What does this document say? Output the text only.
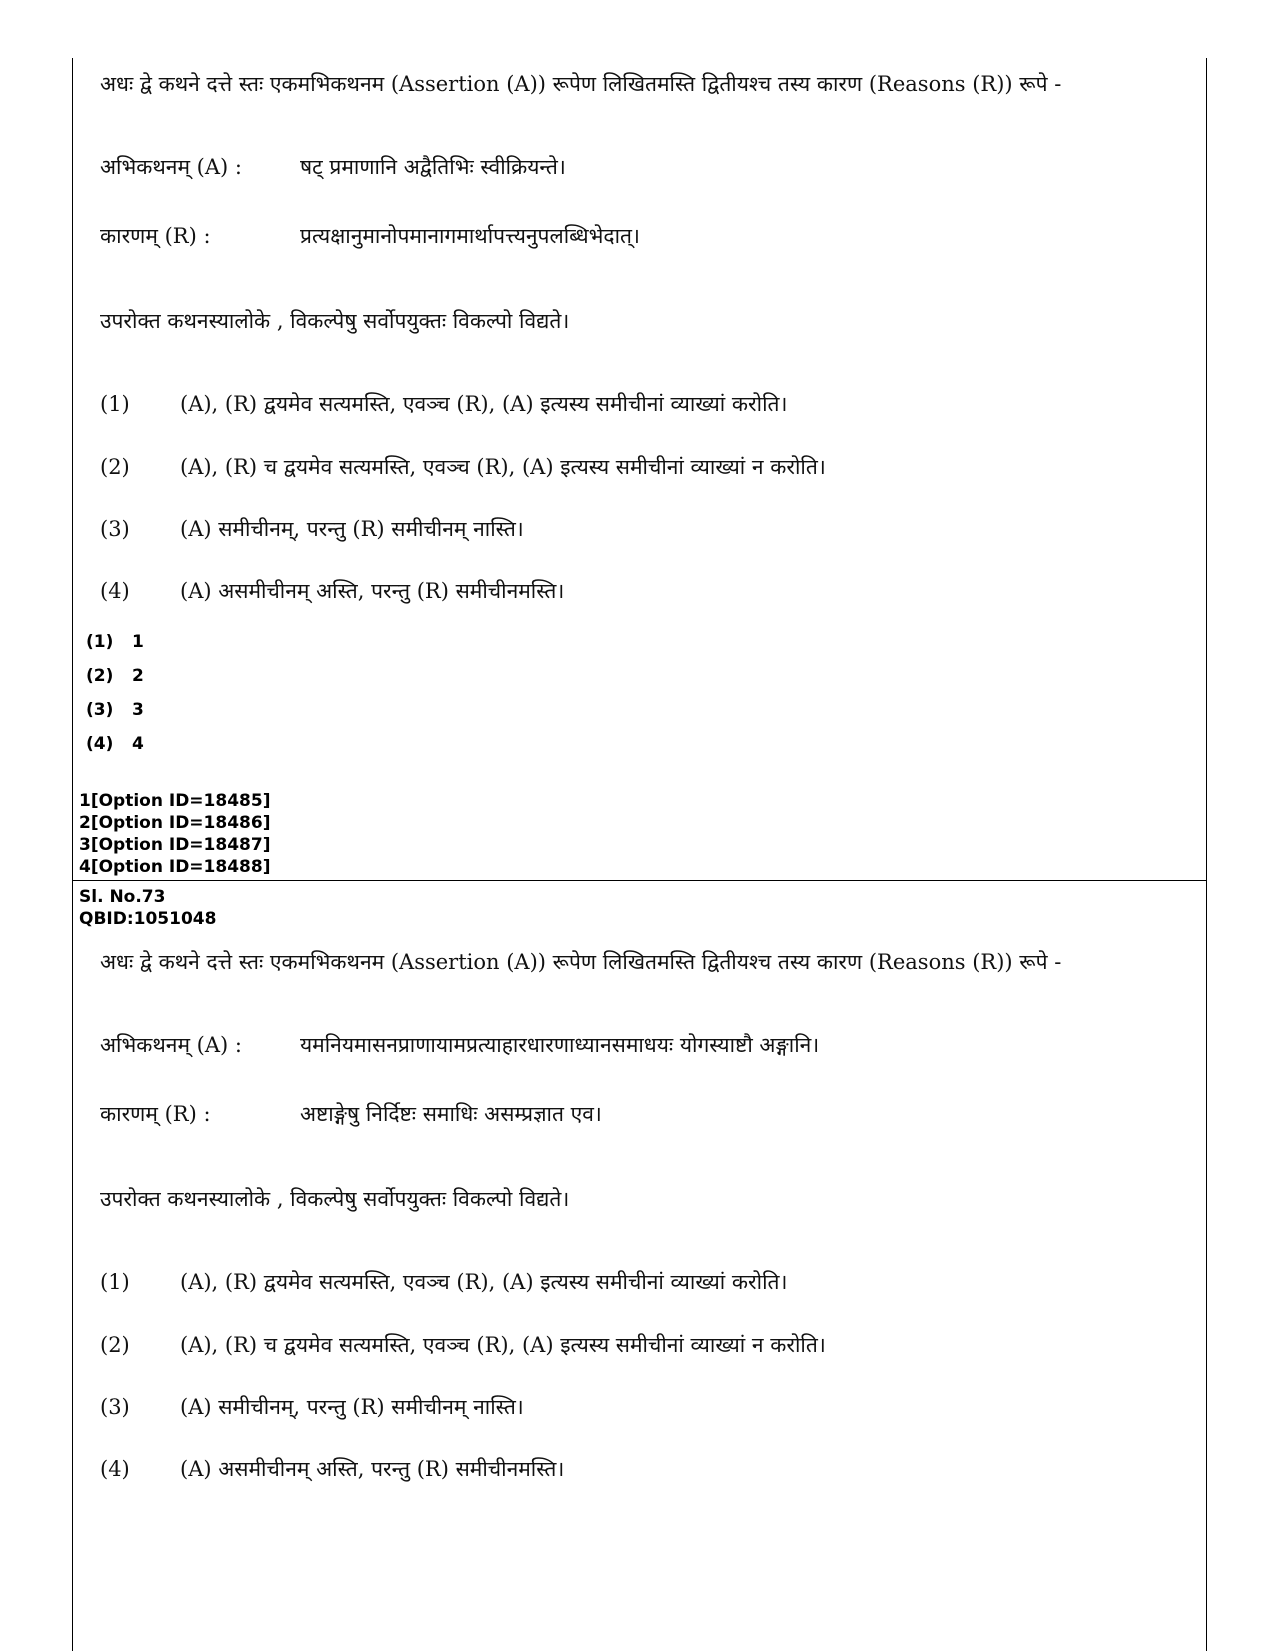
अधः द्वे कथने दत्ते स्तः एकमभिकथनम (Assertion (A)) रूपेण लिखितमस्ति द्वितीयश्च तस्य कारण (Reasons (R)) रूपे -
अभिकथनम् (A) :	षट् प्रमाणानि अद्वैतिभिः स्वीक्रियन्ते।
कारणम् (R) :	प्रत्यक्षानुमानोपमानागमार्थापत्त्यनुपलब्धिभेदात्।
उपरोक्त कथनस्यालोके , विकल्पेषु सर्वोपयुक्तः विकल्पो विद्यते।
(1) (A), (R) द्वयमेव सत्यमस्ति, एवञ्च (R), (A) इत्यस्य समीचीनां व्याख्यां करोति।
(2) (A), (R) च द्वयमेव सत्यमस्ति, एवञ्च (R), (A) इत्यस्य समीचीनां व्याख्यां न करोति।
(3) (A) समीचीनम्, परन्तु (R) समीचीनम् नास्ति।
(4) (A) असमीचीनम् अस्ति, परन्तु (R) समीचीनमस्ति।
(1) 1
(2) 2
(3) 3
(4) 4
1[Option ID=18485]
2[Option ID=18486]
3[Option ID=18487]
4[Option ID=18488]
Sl. No.73
QBID:1051048
अधः द्वे कथने दत्ते स्तः एकमभिकथनम (Assertion (A)) रूपेण लिखितमस्ति द्वितीयश्च तस्य कारण (Reasons (R)) रूपे -
अभिकथनम् (A) :	यमनियमासनप्राणायामप्रत्याहारधारणाध्यानसमाधयः योगस्याष्टौ अङ्गानि।
कारणम् (R) :	अष्टाङ्गेषु निर्दिष्टः समाधिः असम्प्रज्ञात एव।
उपरोक्त कथनस्यालोके , विकल्पेषु सर्वोपयुक्तः विकल्पो विद्यते।
(1) (A), (R) द्वयमेव सत्यमस्ति, एवञ्च (R), (A) इत्यस्य समीचीनां व्याख्यां करोति।
(2) (A), (R) च द्वयमेव सत्यमस्ति, एवञ्च (R), (A) इत्यस्य समीचीनां व्याख्यां न करोति।
(3) (A) समीचीनम्, परन्तु (R) समीचीनम् नास्ति।
(4) (A) असमीचीनम् अस्ति, परन्तु (R) समीचीनमस्ति।
